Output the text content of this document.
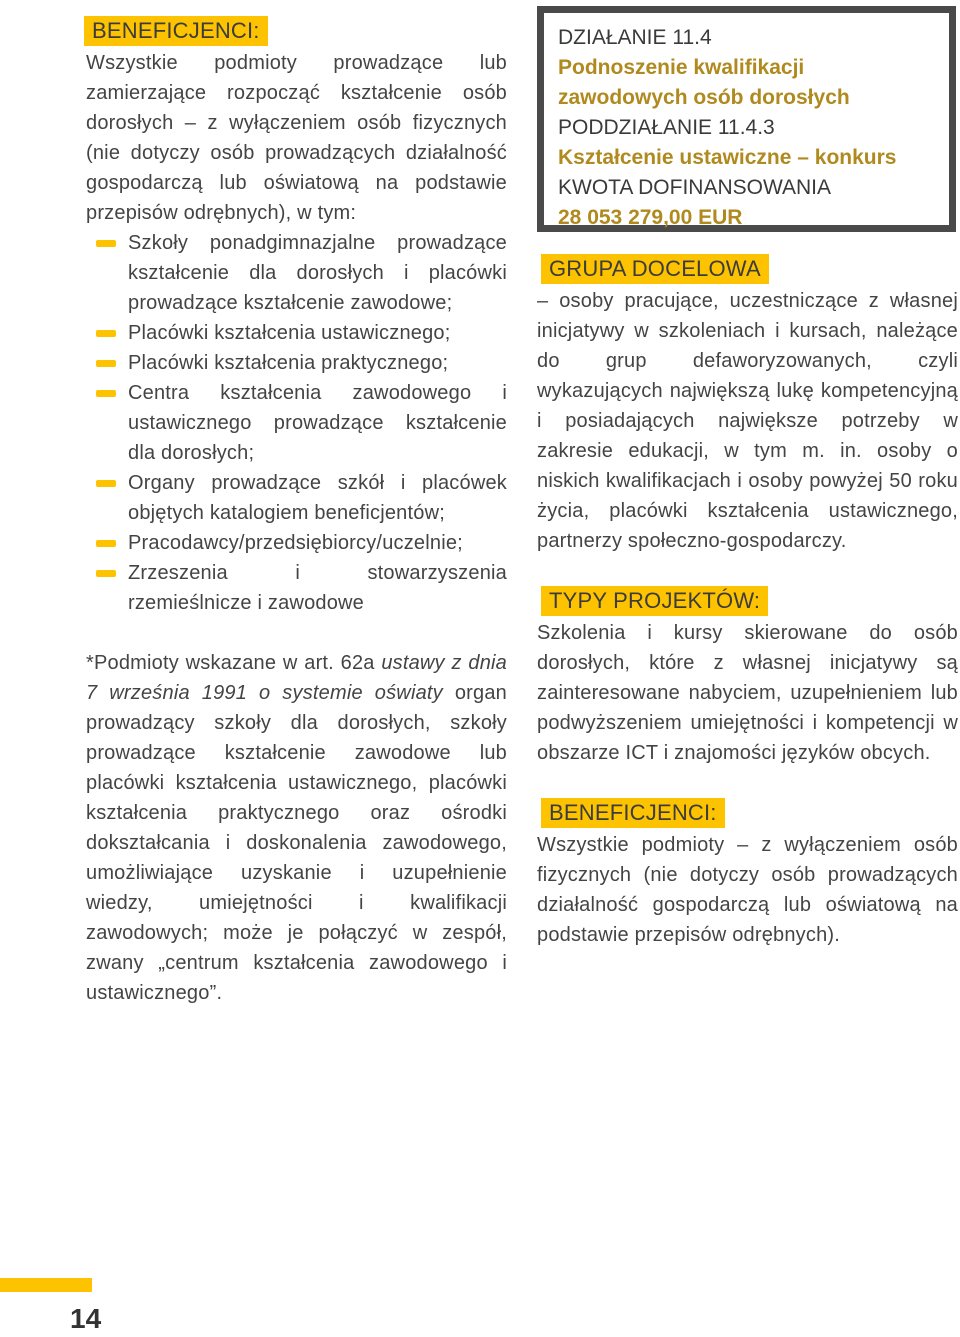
BENEFICJENCI:

Wszystkie podmioty prowadzące lub zamierzające rozpocząć kształcenie osób dorosłych – z wyłączeniem osób fizycznych (nie dotyczy osób prowadzących działalność gospodarczą lub oświatową na podstawie przepisów odrębnych), w tym:

Szkoły ponadgimnazjalne prowadzące kształcenie dla dorosłych i placówki prowadzące kształcenie zawodowe;
Placówki kształcenia ustawicznego;
Placówki kształcenia praktycznego;
Centra kształcenia zawodowego i ustawicznego prowadzące kształcenie dla dorosłych;
Organy prowadzące szkół i placówek objętych katalogiem beneficjentów;
Pracodawcy/przedsiębiorcy/uczelnie;
Zrzeszenia i stowarzyszenia rzemieślnicze i zawodowe

*Podmioty wskazane w art. 62a ustawy z dnia 7 września 1991 o systemie oświaty organ prowadzący szkoły dla dorosłych, szkoły prowadzące kształcenie zawodowe lub placówki kształcenia ustawicznego, placówki kształcenia praktycznego oraz ośrodki dokształcania i doskonalenia zawodowego, umożliwiające uzyskanie i uzupełnienie wiedzy, umiejętności i kwalifikacji zawodowych; może je połączyć w zespół, zwany „centrum kształcenia zawodowego i ustawicznego”.

DZIAŁANIE 11.4
Podnoszenie kwalifikacji zawodowych osób dorosłych
PODDZIAŁANIE 11.4.3
Kształcenie ustawiczne – konkurs
KWOTA DOFINANSOWANIA
28 053 279,00 EUR
GRUPA DOCELOWA

– osoby pracujące, uczestniczące z własnej inicjatywy w szkoleniach i kursach, należące do grup defaworyzowanych, czyli wykazujących największą lukę kompetencyjną i posiadających największe potrzeby w zakresie edukacji, w tym m. in. osoby o niskich kwalifikacjach i osoby powyżej 50 roku życia, placówki kształcenia ustawicznego, partnerzy społeczno-gospodarczy.

TYPY PROJEKTÓW:

Szkolenia i kursy skierowane do osób dorosłych, które z własnej inicjatywy są zainteresowane nabyciem, uzupełnieniem lub podwyższeniem umiejętności i kompetencji w obszarze ICT i znajomości języków obcych.

BENEFICJENCI:

Wszystkie podmioty – z wyłączeniem osób fizycznych (nie dotyczy osób prowadzących działalność gospodarczą lub oświatową na podstawie przepisów odrębnych).

14
